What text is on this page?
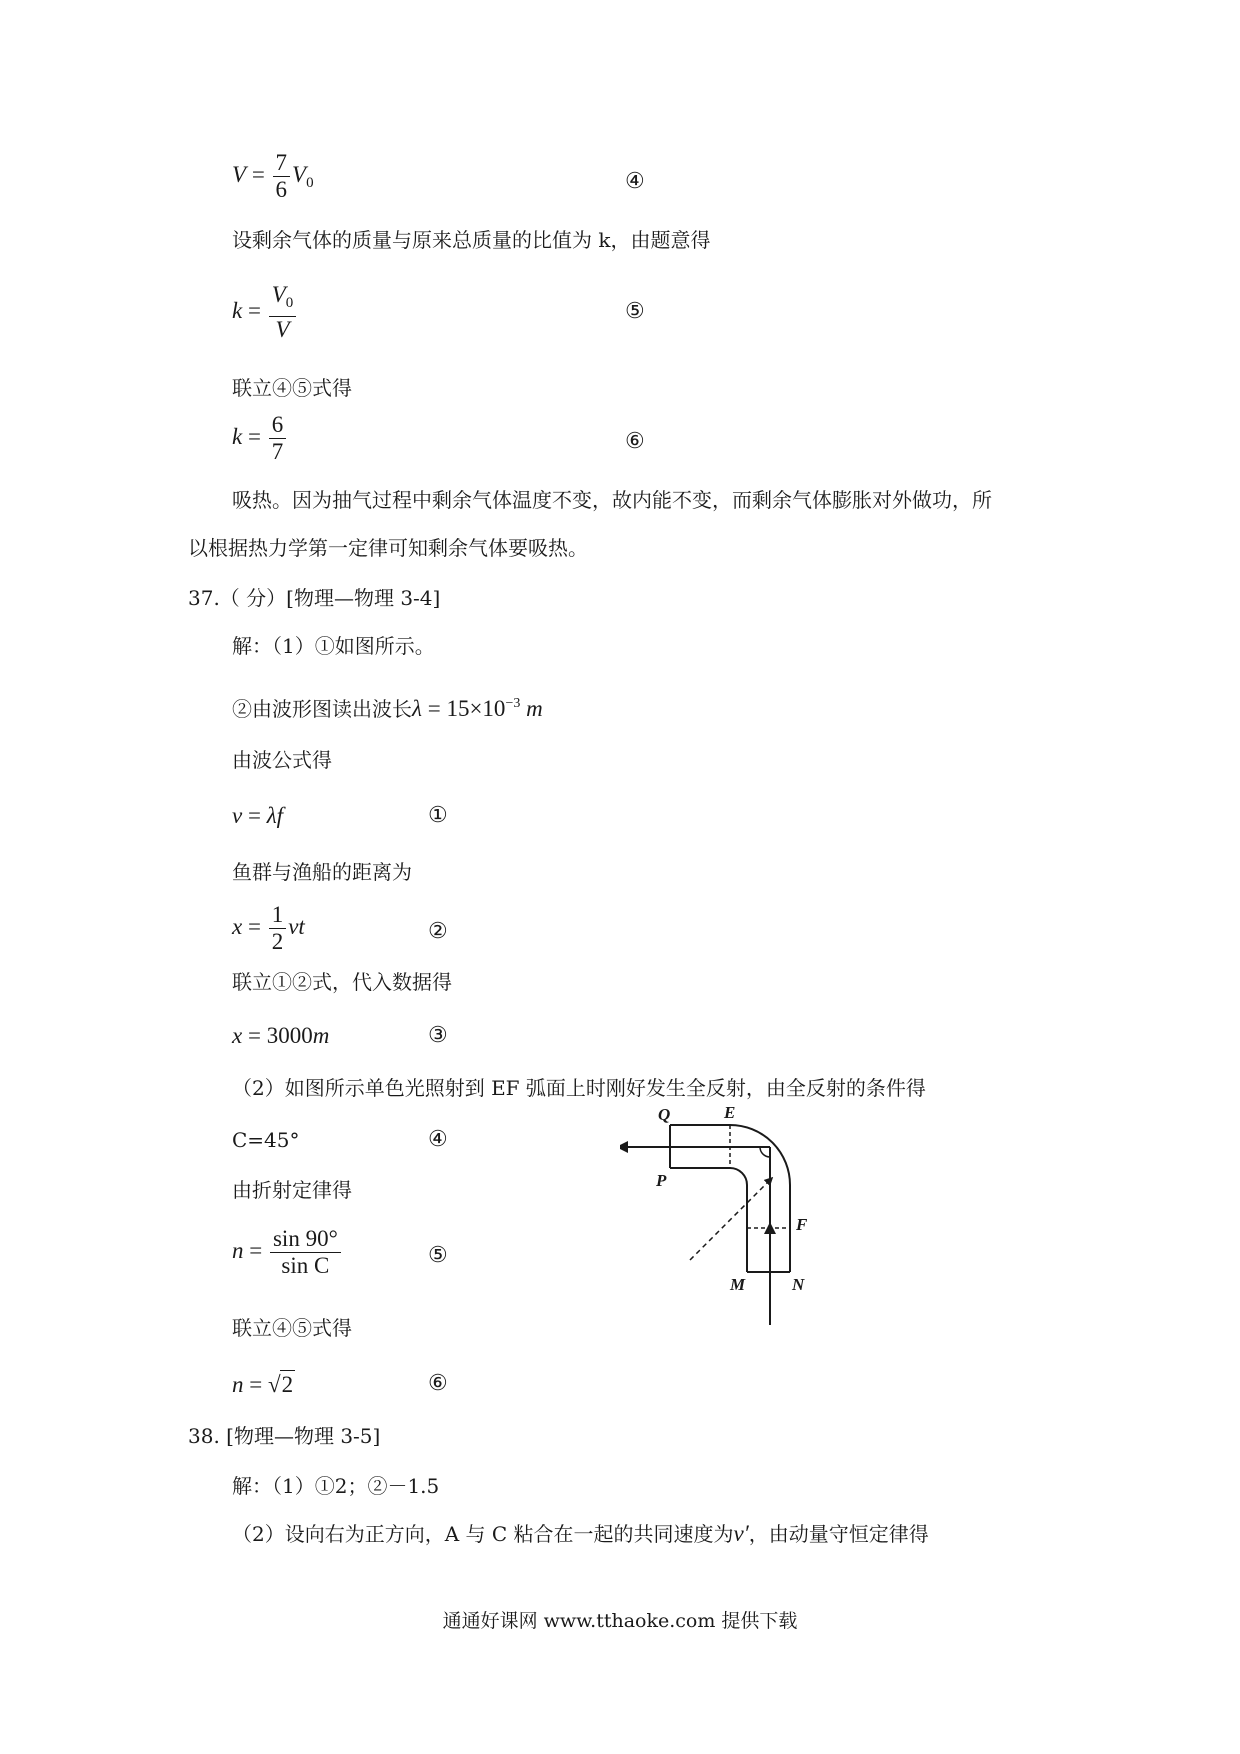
$V = \frac{7}{6} V_0$	④
设剩余气体的质量与原来总质量的比值为 k，由题意得
$k = \frac{V_0}{V}$	⑤
联立④⑤式得
$k = \frac{6}{7}$	⑥
吸热。因为抽气过程中剩余气体温度不变，故内能不变，而剩余气体膨胀对外做功，所
以根据热力学第一定律可知剩余气体要吸热。
37.（ 分）[物理—物理 3-4]
解：（1）①如图所示。
②由波形图读出波长$\lambda = 15\times 10^{-3}$ m
由波公式得
v = λf	①
鱼群与渔船的距离为
$x = \frac{1}{2}$ vt	②
联立①②式，代入数据得
x = 3000m	③
（2）如图所示单色光照射到 EF 弧面上时刚好发生全反射，由全反射的条件得
C=45°	④
由折射定律得
$n = \frac{\sin 90^\circ}{\text{sin C}}$	⑤
联立④⑤式得
n = √2	⑥
Q	E
P
F
M	N
38. [物理—物理 3-5]
解：（1）①2；②－1.5
（2）设向右为正方向，A 与 C 粘合在一起的共同速度为v′，由动量守恒定律得
通通好课网 www.tthaoke.com 提供下载
